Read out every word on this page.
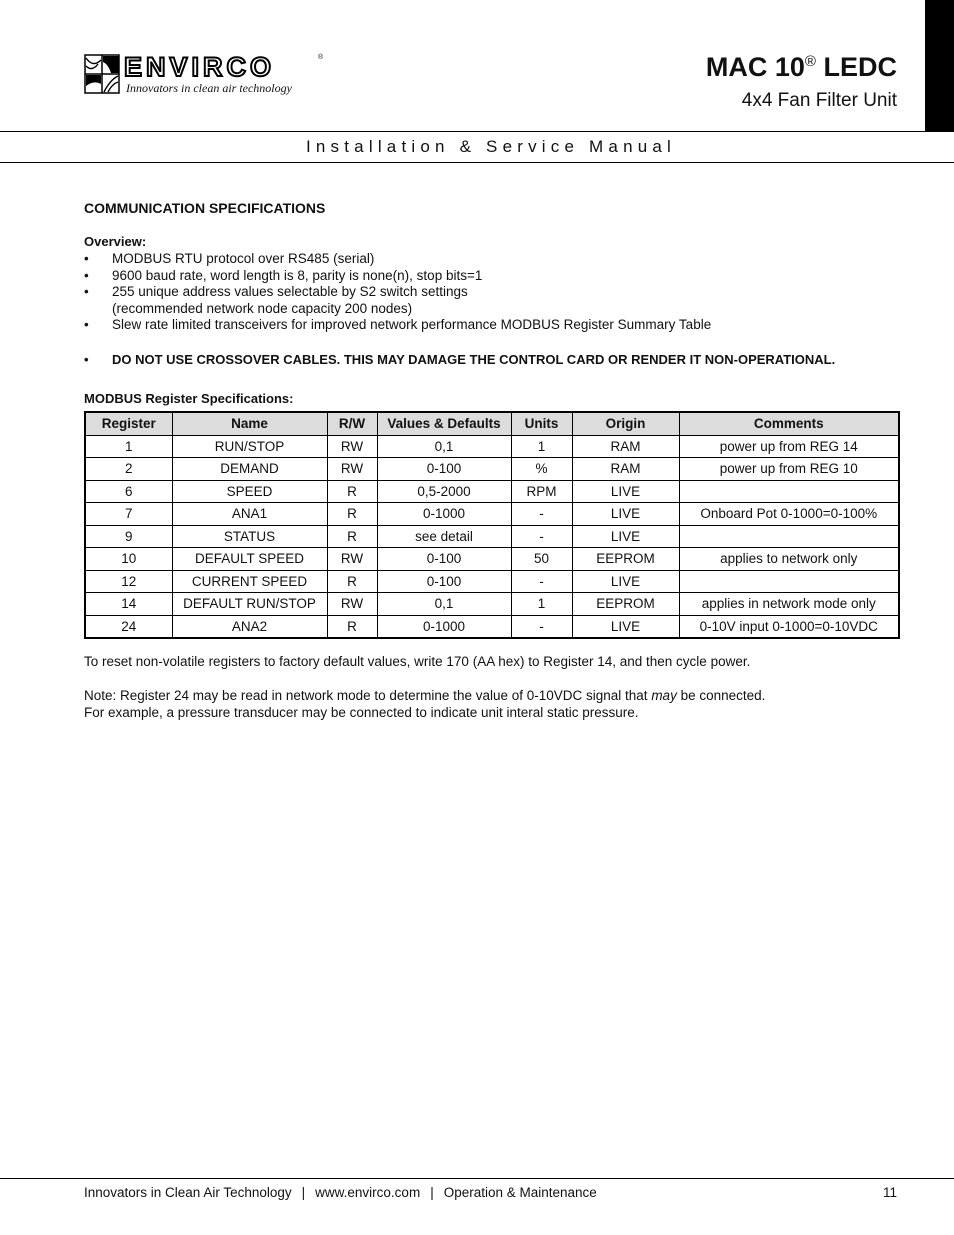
ENVIRCO	®
Innovators in clean air technology
MAC 10® LEDC
4x4 Fan Filter Unit
Installation & Service Manual
COMMUNICATION SPECIFICATIONS
Overview:
• MODBUS RTU protocol over RS485 (serial)
• 9600 baud rate, word length is 8, parity is none(n), stop bits=1
• 255 unique address values selectable by S2 switch settings
(recommended network node capacity 200 nodes)
• Slew rate limited transceivers for improved network performance MODBUS Register Summary Table
• DO NOT USE CROSSOVER CABLES. THIS MAY DAMAGE THE CONTROL CARD OR RENDER IT NON-OPERATIONAL.
MODBUS Register Specifications:
Register	Name	R/W	Values & Defaults	Units	Origin	Comments
1	RUN/STOP	RW	0,1	1	RAM	power up from REG 14
2	DEMAND	RW	0-100	%	RAM	power up from REG 10
6	SPEED	R	0,5-2000	RPM	LIVE	
7	ANA1	R	0-1000	-	LIVE	Onboard Pot 0-1000=0-100%
9	STATUS	R	see detail	-	LIVE	
10	DEFAULT SPEED	RW	0-100	50	EEPROM	applies to network only
12	CURRENT SPEED	R	0-100	-	LIVE	
14	DEFAULT RUN/STOP	RW	0,1	1	EEPROM	applies in network mode only
24	ANA2	R	0-1000	-	LIVE	0-10V input 0-1000=0-10VDC
To reset non-volatile registers to factory default values, write 170 (AA hex) to Register 14, and then cycle power.
Note: Register 24 may be read in network mode to determine the value of 0-10VDC signal that may be connected.
For example, a pressure transducer may be connected to indicate unit interal static pressure.
Innovators in Clean Air Technology | www.envirco.com | Operation & Maintenance	11
